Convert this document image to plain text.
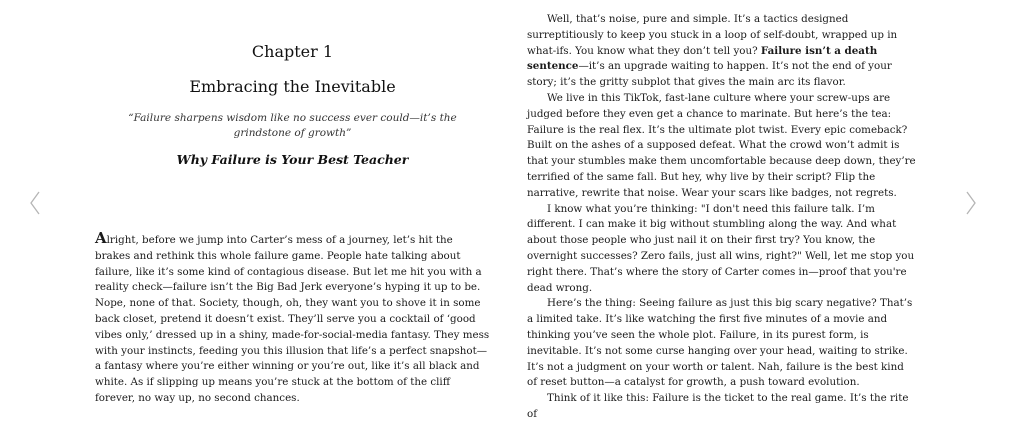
Chapter 1
Embracing the Inevitable
“Failure sharpens wisdom like no success ever could—it’s the grindstone of growth”
Why Failure is Your Best Teacher

Alright, before we jump into Carter’s mess of a journey, let’s hit the brakes and rethink this whole failure game. People hate talking about failure, like it’s some kind of contagious disease. But let me hit you with a reality check—failure isn’t the Big Bad Jerk everyone’s hyping it up to be. Nope, none of that. Society, though, oh, they want you to shove it in some back closet, pretend it doesn’t exist. They’ll serve you a cocktail of ‘good vibes only,’ dressed up in a shiny, made-for-social-media fantasy. They mess with your instincts, feeding you this illusion that life’s a perfect snapshot—a fantasy where you’re either winning or you’re out, like it’s all black and white. As if slipping up means you’re stuck at the bottom of the cliff forever, no way up, no second chances.

Well, that’s noise, pure and simple. It’s a tactics designed surreptitiously to keep you stuck in a loop of self-doubt, wrapped up in what-ifs. You know what they don’t tell you? Failure isn’t a death sentence—it’s an upgrade waiting to happen. It’s not the end of your story; it’s the gritty subplot that gives the main arc its flavor.

We live in this TikTok, fast-lane culture where your screw-ups are judged before they even get a chance to marinate. But here’s the tea: Failure is the real flex. It’s the ultimate plot twist. Every epic comeback? Built on the ashes of a supposed defeat. What the crowd won’t admit is that your stumbles make them uncomfortable because deep down, they’re terrified of the same fall. But hey, why live by their script? Flip the narrative, rewrite that noise. Wear your scars like badges, not regrets.

I know what you’re thinking: "I don't need this failure talk. I’m different. I can make it big without stumbling along the way. And what about those people who just nail it on their first try? You know, the overnight successes? Zero fails, just all wins, right?" Well, let me stop you right there. That’s where the story of Carter comes in—proof that you're dead wrong.

Here’s the thing: Seeing failure as just this big scary negative? That’s a limited take. It’s like watching the first five minutes of a movie and thinking you’ve seen the whole plot. Failure, in its purest form, is inevitable. It’s not some curse hanging over your head, waiting to strike. It’s not a judgment on your worth or talent. Nah, failure is the best kind of reset button—a catalyst for growth, a push toward evolution.

Think of it like this: Failure is the ticket to the real game. It’s the rite of
